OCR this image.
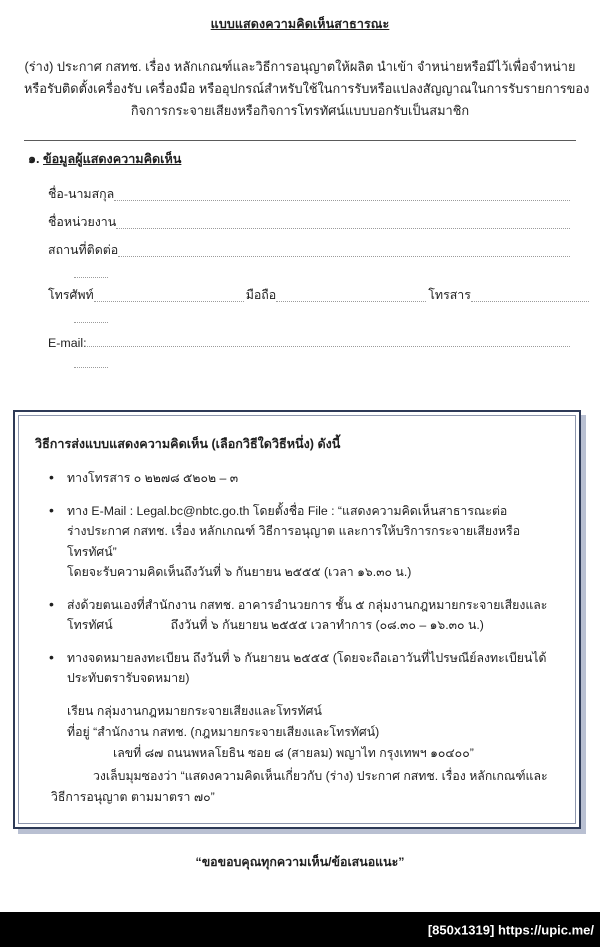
แบบแสดงความคิดเห็นสาธารณะ
(ร่าง) ประกาศ กสทช. เรื่อง หลักเกณฑ์และวิธีการอนุญาตให้ผลิต นำเข้า จำหน่ายหรือมีไว้เพื่อจำหน่าย
หรือรับติดตั้งเครื่องรับ เครื่องมือ หรืออุปกรณ์สำหรับใช้ในการรับหรือแปลงสัญญาณในการรับรายการของ
กิจการกระจายเสียงหรือกิจการโทรทัศน์แบบบอกรับเป็นสมาชิก
๑. ข้อมูลผู้แสดงความคิดเห็น
ชื่อ-นามสกุล
ชื่อหน่วยงาน
สถานที่ติดต่อ
โทรศัพท์	มือถือ	โทรสาร
E-mail:
วิธีการส่งแบบแสดงความคิดเห็น (เลือกวิธีใดวิธีหนึ่ง) ดังนี้
• ทางโทรสาร ๐ ๒๒๗๘ ๕๒๐๒ – ๓
• ทาง E-Mail : Legal.bc@nbtc.go.th โดยตั้งชื่อ File : “แสดงความคิดเห็นสาธารณะต่อ
ร่างประกาศ กสทช. เรื่อง หลักเกณฑ์ วิธีการอนุญาต และการให้บริการกระจายเสียงหรือโทรทัศน์”
โดยจะรับความคิดเห็นถึงวันที่ ๖ กันยายน ๒๕๕๕ (เวลา ๑๖.๓๐ น.)
• ส่งด้วยตนเองที่สำนักงาน กสทช. อาคารอำนวยการ ชั้น ๕ กลุ่มงานกฎหมายกระจายเสียงและ
โทรทัศน์	ถึงวันที่ ๖ กันยายน ๒๕๕๕ เวลาทำการ (๐๘.๓๐ – ๑๖.๓๐ น.)
• ทางจดหมายลงทะเบียน ถึงวันที่ ๖ กันยายน ๒๕๕๕ (โดยจะถือเอาวันที่ไปรษณีย์ลงทะเบียนได้
ประทับตรารับจดหมาย)
เรียน กลุ่มงานกฎหมายกระจายเสียงและโทรทัศน์
ที่อยู่ “สำนักงาน กสทช. (กฎหมายกระจายเสียงและโทรทัศน์)
เลขที่ ๘๗ ถนนพหลโยธิน ซอย ๘ (สายลม) พญาไท กรุงเทพฯ ๑๐๔๐๐”
วงเล็บมุมซองว่า “แสดงความคิดเห็นเกี่ยวกับ (ร่าง) ประกาศ กสทช. เรื่อง หลักเกณฑ์และ
วิธีการอนุญาต ตามมาตรา ๗๐”
“ขอขอบคุณทุกความเห็น/ข้อเสนอแนะ”
[850x1319] https://upic.me/
